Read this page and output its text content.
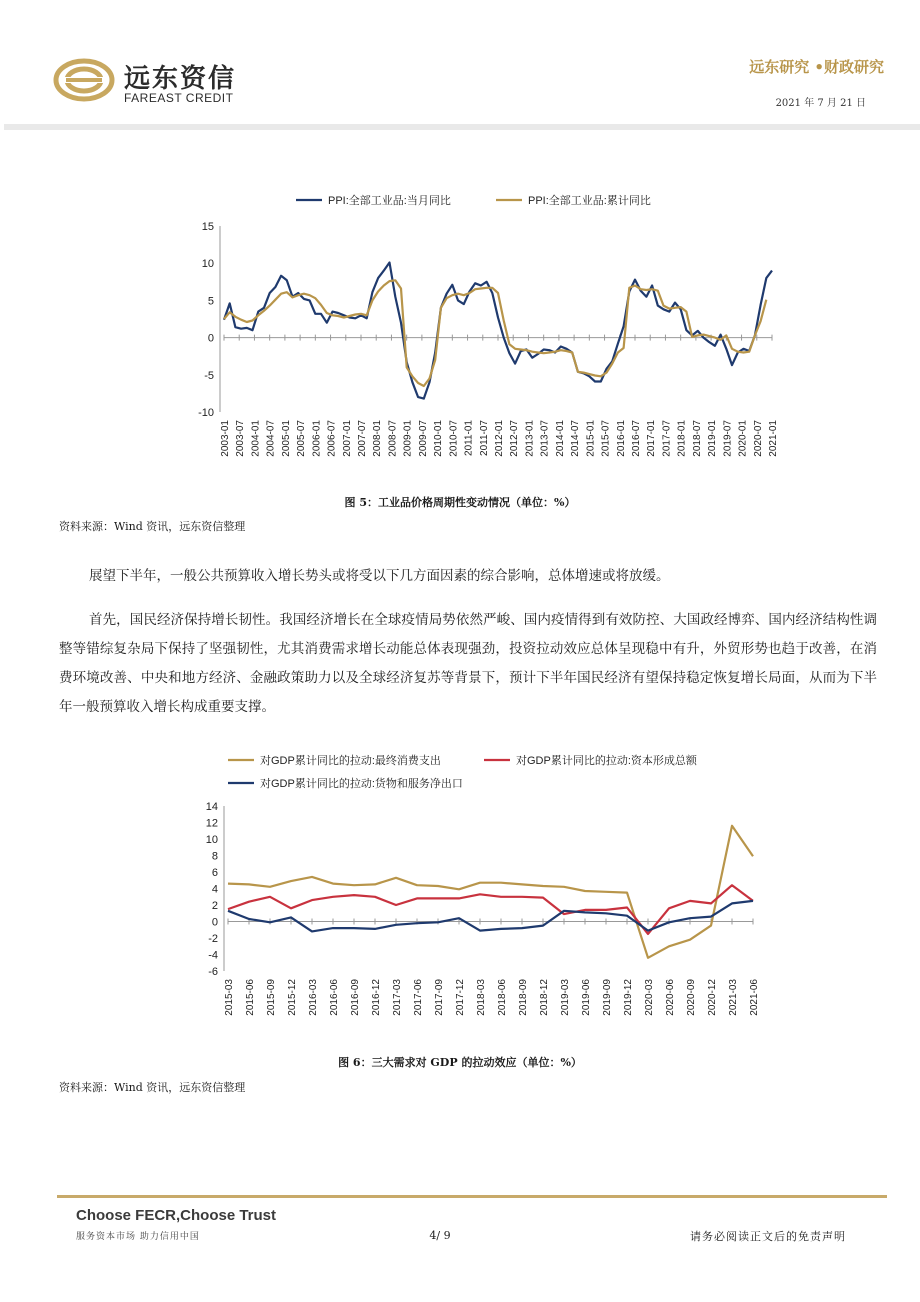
远东资信
FAREAST CREDIT
远东研究 •财政研究
2021 年 7 月 21 日
PPI:全部工业品:当月同比	PPI:全部工业品:累计同比
-10
-5
0
5
10
15
2003-01 2003-07 2004-01 2004-07 2005-01 2005-07 2006-01 2006-07 2007-01 2007-07 2008-01 2008-07 2009-01 2009-07 2010-01 2010-07 2011-01 2011-07 2012-01 2012-07 2013-01 2013-07 2014-01 2014-07 2015-01 2015-07 2016-01 2016-07 2017-01 2017-07 2018-01 2018-07 2019-01 2019-07 2020-01 2020-07 2021-01
图 5：工业品价格周期性变动情况（单位：%）
资料来源：Wind 资讯，远东资信整理
展望下半年，一般公共预算收入增长势头或将受以下几方面因素的综合影响，总体增速或将放缓。
首先，国民经济保持增长韧性。我国经济增长在全球疫情局势依然严峻、国内疫情得到有效防控、大国政经博弈、国内经济结构性调整等错综复杂局下保持了坚强韧性，尤其消费需求增长动能总体表现强劲，投资拉动效应总体呈现稳中有升，外贸形势也趋于改善，在消费环境改善、中央和地方经济、金融政策助力以及全球经济复苏等背景下，预计下半年国民经济有望保持稳定恢复增长局面，从而为下半年一般预算收入增长构成重要支撑。
对GDP累计同比的拉动:最终消费支出	对GDP累计同比的拉动:资本形成总额
对GDP累计同比的拉动:货物和服务净出口
-6
-4
-2
0
2
4
6
8
10
12
14
2015-03 2015-06 2015-09 2015-12 2016-03 2016-06 2016-09 2016-12 2017-03 2017-06 2017-09 2017-12 2018-03 2018-06 2018-09 2018-12 2019-03 2019-06 2019-09 2019-12 2020-03 2020-06 2020-09 2020-12 2021-03 2021-06
图 6：三大需求对 GDP 的拉动效应（单位：%）
资料来源：Wind 资讯，远东资信整理
Choose FECR,Choose Trust
服务资本市场 助力信用中国	4/ 9	请务必阅读正文后的免责声明
